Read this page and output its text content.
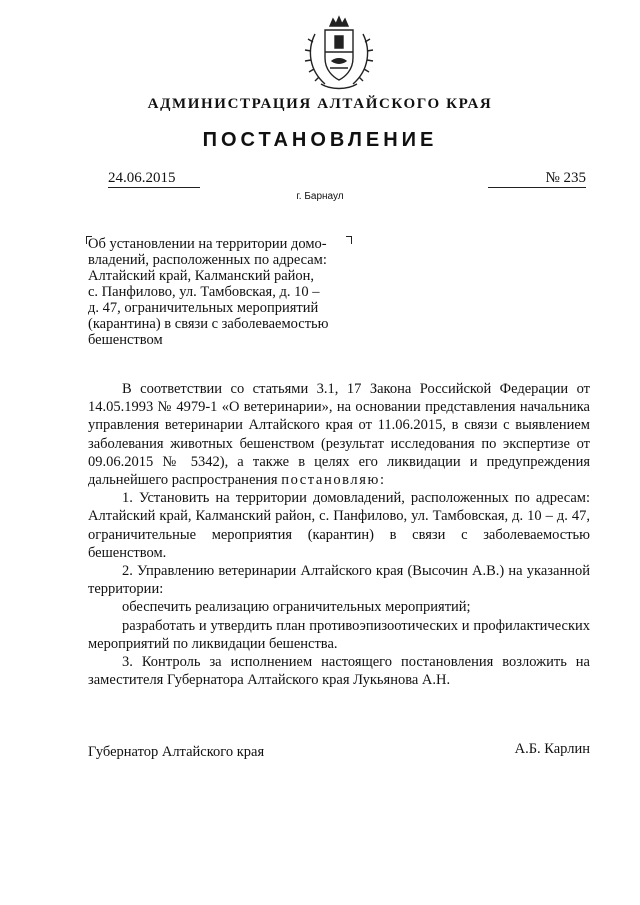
АДМИНИСТРАЦИЯ АЛТАЙСКОГО КРАЯ
ПОСТАНОВЛЕНИЕ
24.06.2015	№ 235
г. Барнаул
Об установлении на территории домо-
владений, расположенных по адресам:
Алтайский край, Калманский район,
с. Панфилово, ул. Тамбовская, д. 10 –
д. 47, ограничительных мероприятий
(карантина) в связи с заболеваемостью
бешенством

В соответствии со статьями 3.1, 17 Закона Российской Федерации от 14.05.1993 № 4979-1 «О ветеринарии», на основании представления начальника управления ветеринарии Алтайского края от 11.06.2015, в связи с выявлением заболевания животных бешенством (результат исследования по экспертизе от 09.06.2015 № 5342), а также в целях его ликвидации и предупреждения дальнейшего распространения постановляю:

1. Установить на территории домовладений, расположенных по адресам: Алтайский край, Калманский район, с. Панфилово, ул. Тамбовская, д. 10 – д. 47, ограничительные мероприятия (карантин) в связи с заболеваемостью бешенством.

2. Управлению ветеринарии Алтайского края (Высочин А.В.) на указанной территории:

обеспечить реализацию ограничительных мероприятий;

разработать и утвердить план противоэпизоотических и профилактических мероприятий по ликвидации бешенства.

3. Контроль за исполнением настоящего постановления возложить на заместителя Губернатора Алтайского края Лукьянова А.Н.

Губернатор Алтайского края	А.Б. Карлин
